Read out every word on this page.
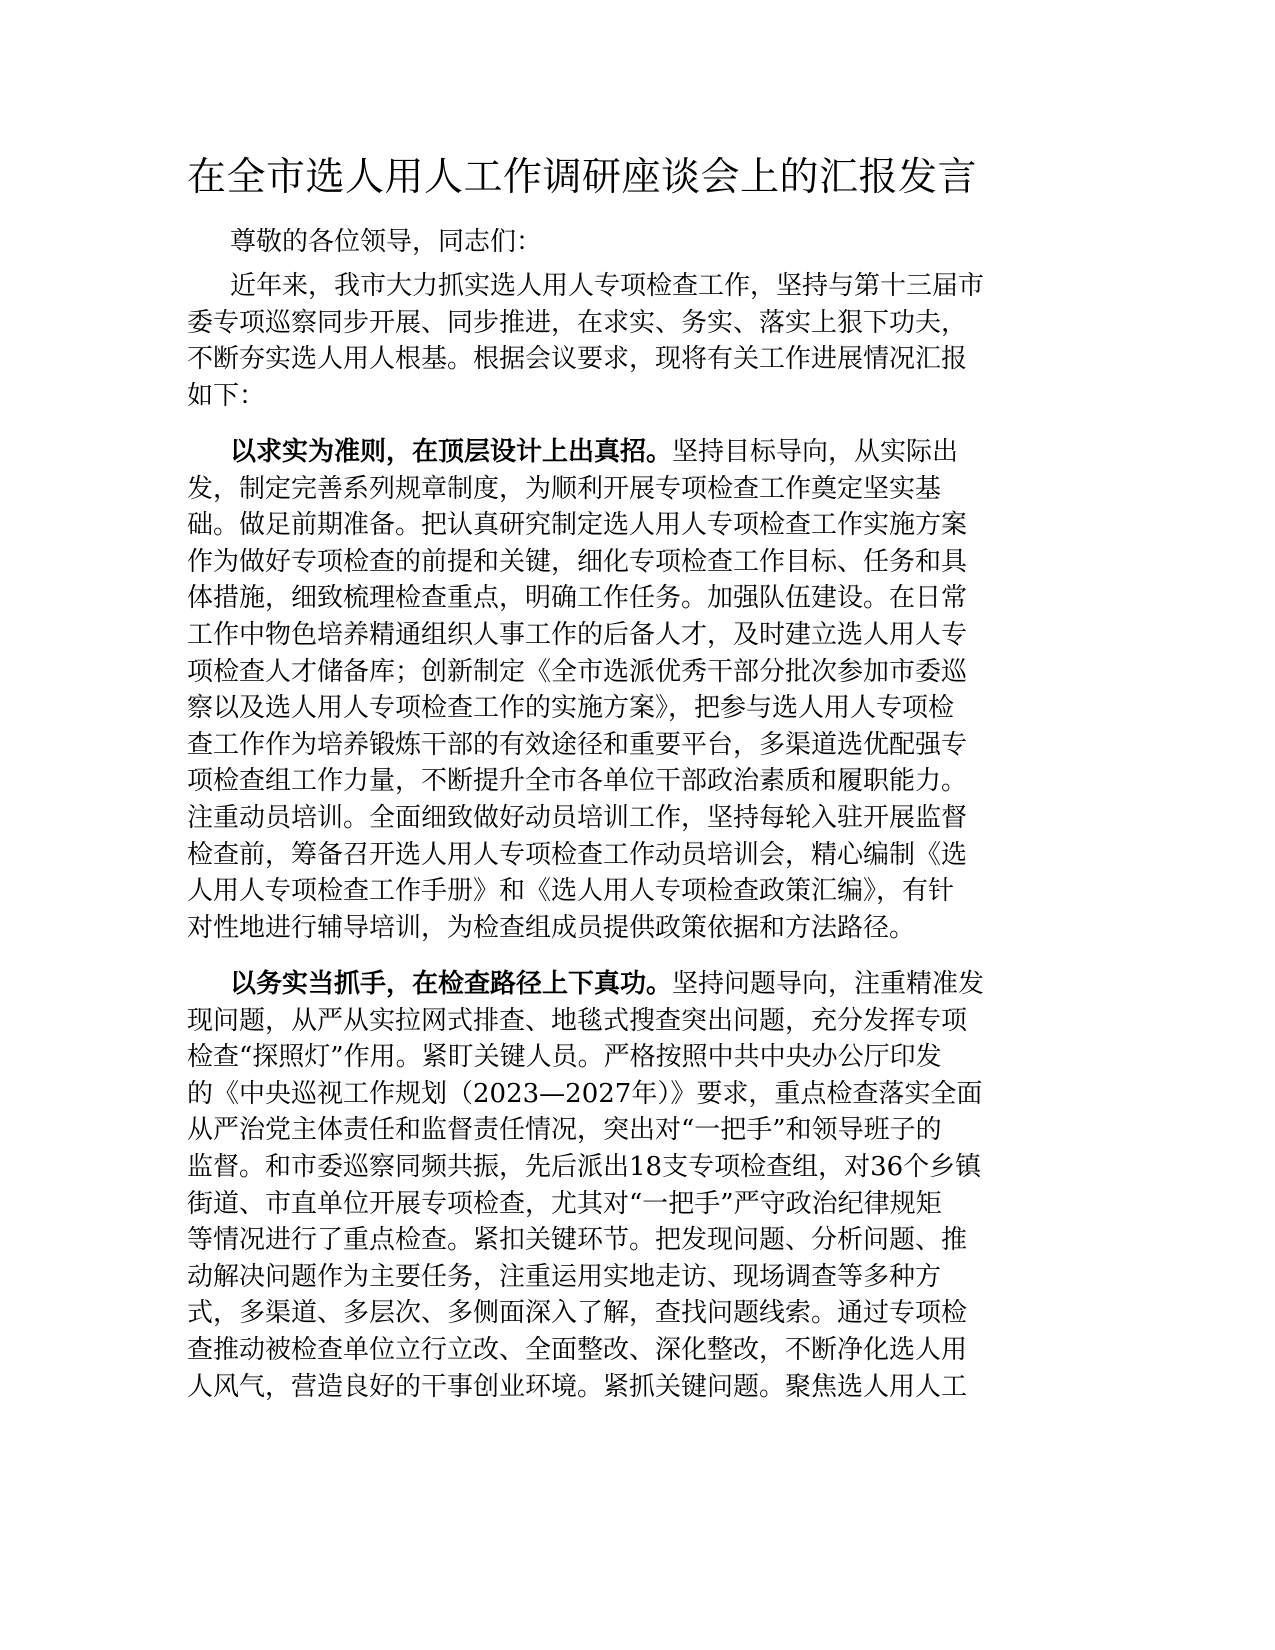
在全市选人用人工作调研座谈会上的汇报发言

尊敬的各位领导，同志们：

近年来，我市大力抓实选人用人专项检查工作，坚持与第十三届市
委专项巡察同步开展、同步推进，在求实、务实、落实上狠下功夫，
不断夯实选人用人根基。根据会议要求，现将有关工作进展情况汇报
如下：
以求实为准则，在顶层设计上出真招。坚持目标导向，从实际出
发，制定完善系列规章制度，为顺利开展专项检查工作奠定坚实基
础。做足前期准备。把认真研究制定选人用人专项检查工作实施方案
作为做好专项检查的前提和关键，细化专项检查工作目标、任务和具
体措施，细致梳理检查重点，明确工作任务。加强队伍建设。在日常
工作中物色培养精通组织人事工作的后备人才，及时建立选人用人专
项检查人才储备库；创新制定《全市选派优秀干部分批次参加市委巡
察以及选人用人专项检查工作的实施方案》，把参与选人用人专项检
查工作作为培养锻炼干部的有效途径和重要平台，多渠道选优配强专
项检查组工作力量，不断提升全市各单位干部政治素质和履职能力。
注重动员培训。全面细致做好动员培训工作，坚持每轮入驻开展监督
检查前，筹备召开选人用人专项检查工作动员培训会，精心编制《选
人用人专项检查工作手册》和《选人用人专项检查政策汇编》，有针
对性地进行辅导培训，为检查组成员提供政策依据和方法路径。
以务实当抓手，在检查路径上下真功。坚持问题导向，注重精准发
现问题，从严从实拉网式排查、地毯式搜查突出问题，充分发挥专项
检查“探照灯”作用。紧盯关键人员。严格按照中共中央办公厅印发
的《中央巡视工作规划（2023—2027年）》要求，重点检查落实全面
从严治党主体责任和监督责任情况，突出对“一把手”和领导班子的
监督。和市委巡察同频共振，先后派出18支专项检查组，对36个乡镇
街道、市直单位开展专项检查，尤其对“一把手”严守政治纪律规矩
等情况进行了重点检查。紧扣关键环节。把发现问题、分析问题、推
动解决问题作为主要任务，注重运用实地走访、现场调查等多种方
式，多渠道、多层次、多侧面深入了解，查找问题线索。通过专项检
查推动被检查单位立行立改、全面整改、深化整改，不断净化选人用
人风气，营造良好的干事创业环境。紧抓关键问题。聚焦选人用人工
